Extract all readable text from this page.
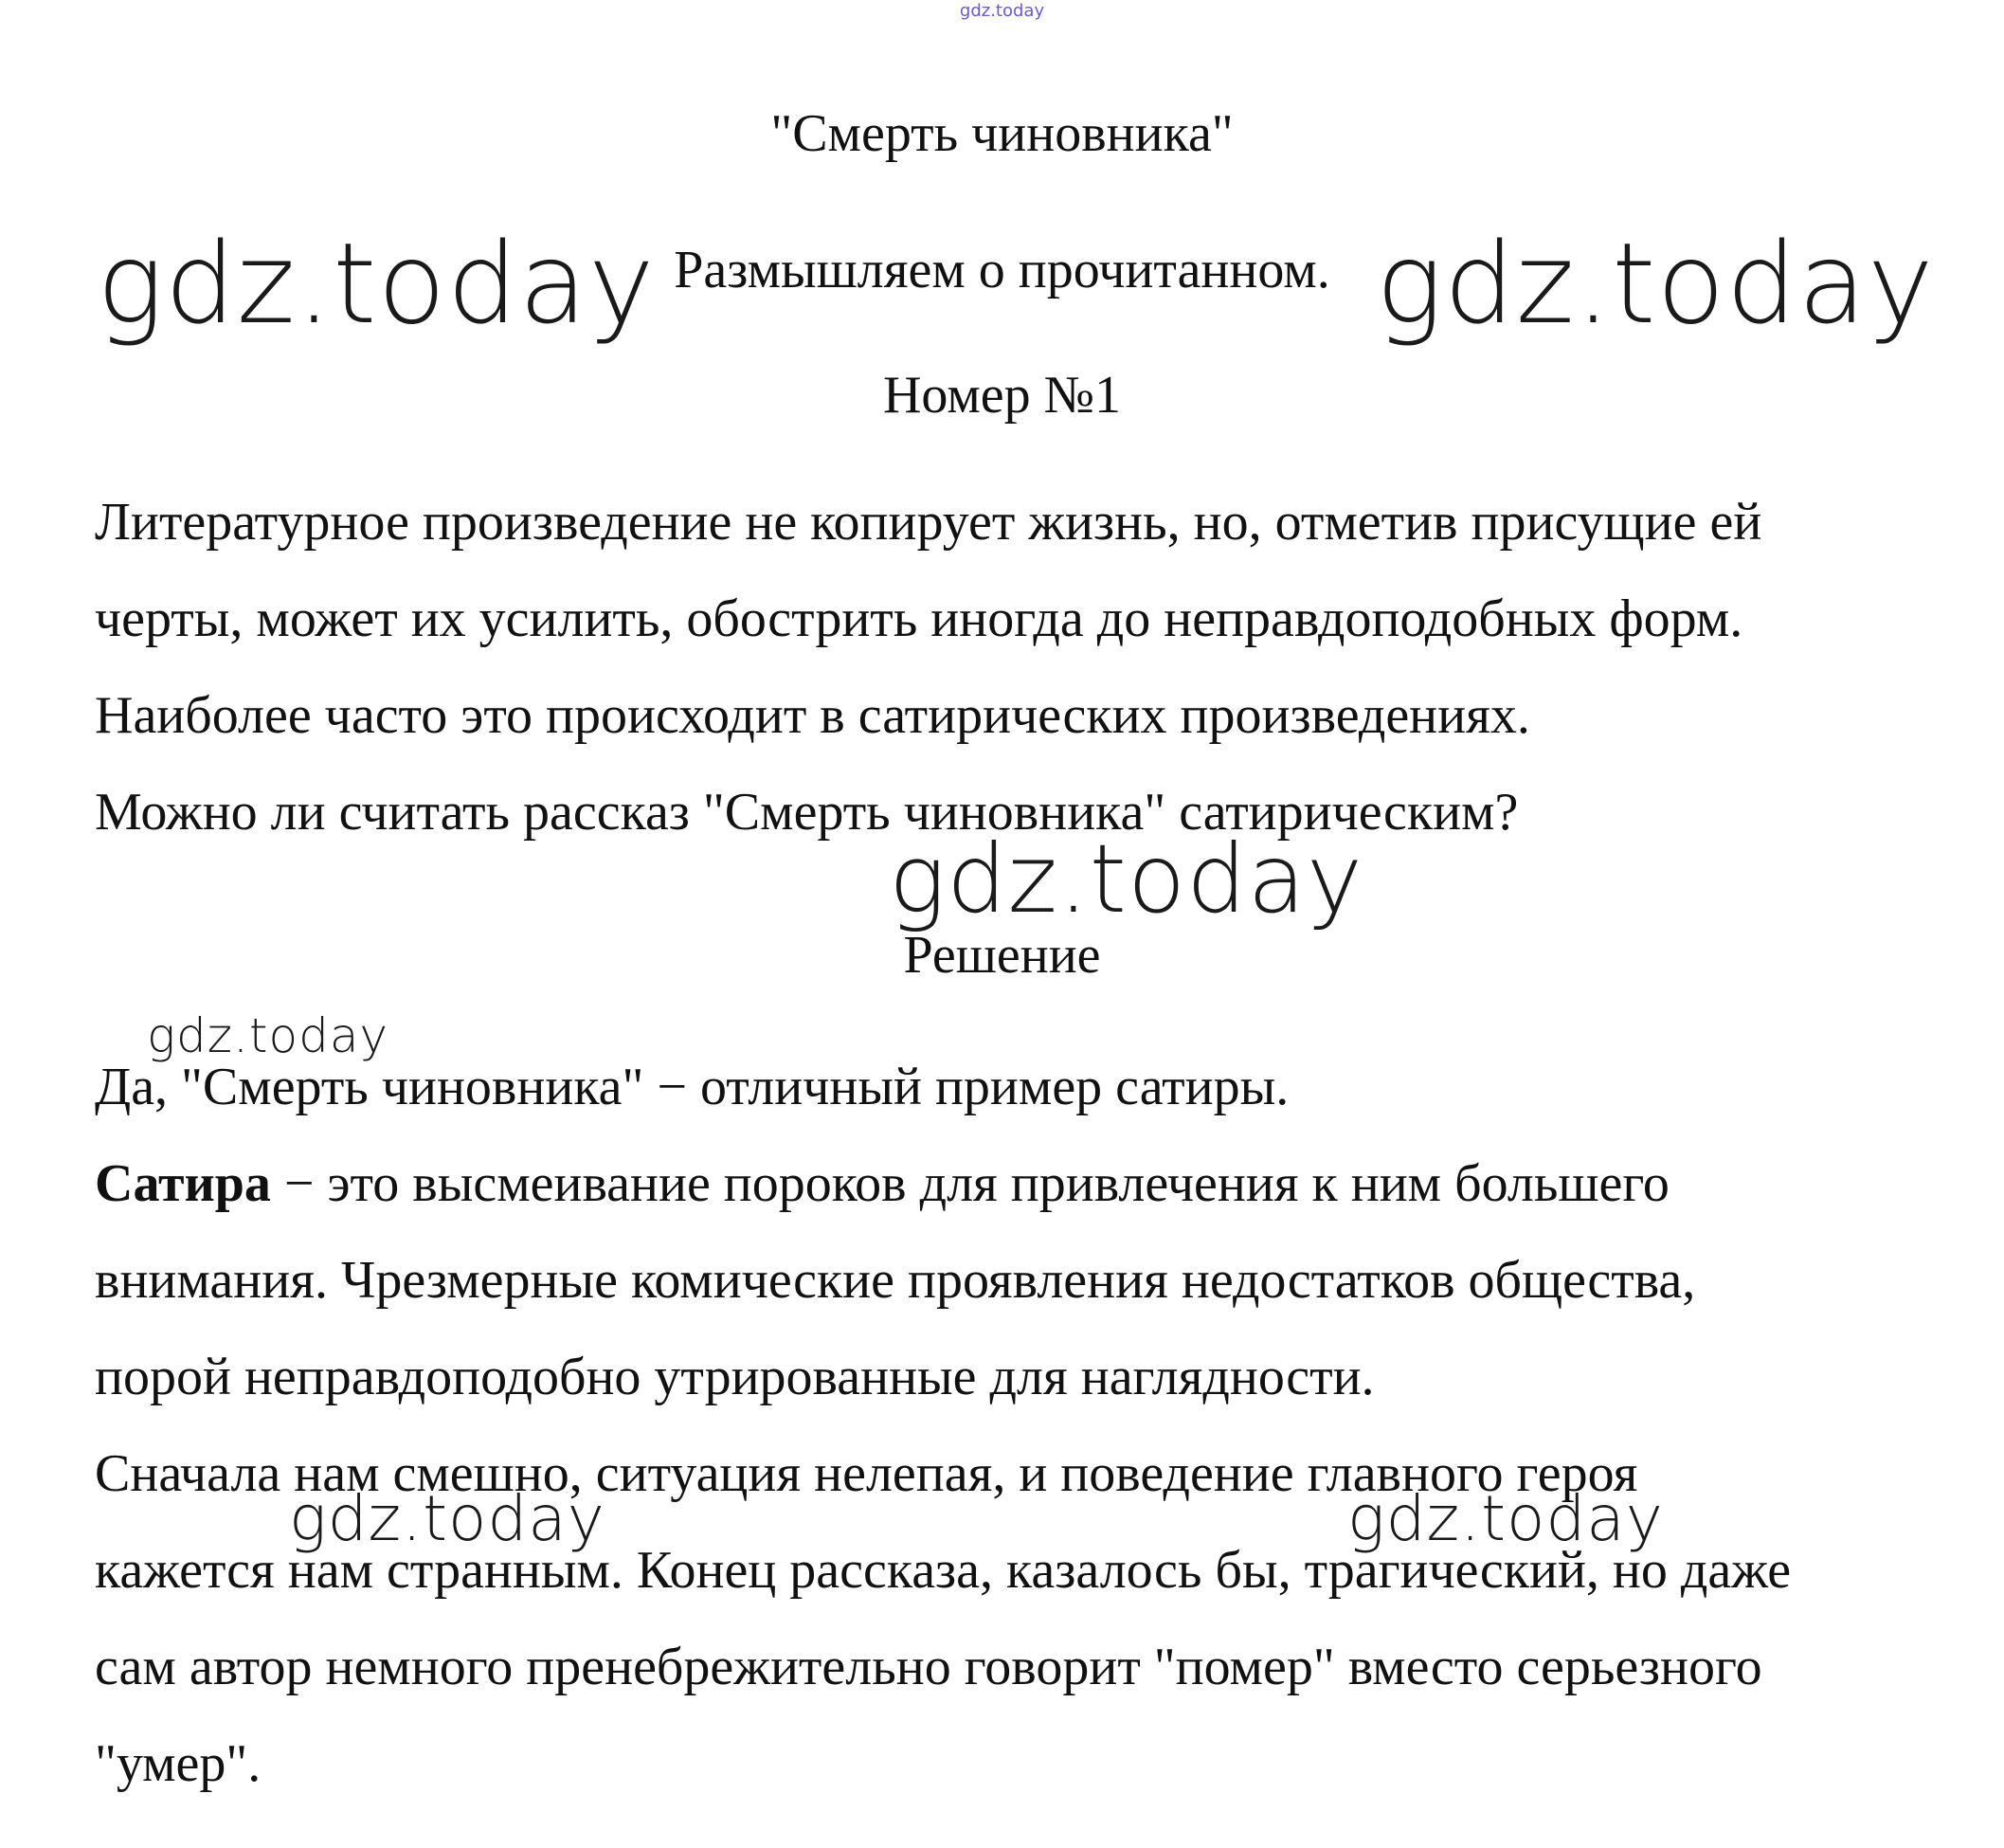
gdz.today
"Смерть чиновника"
Размышляем о прочитанном.
Номер №1
Литературное произведение не копирует жизнь, но, отметив присущие ей
черты, может их усилить, обострить иногда до неправдоподобных форм.
Наиболее часто это происходит в сатирических произведениях.
Можно ли считать рассказ "Смерть чиновника" сатирическим?
Решение
Да, "Смерть чиновника" − отличный пример сатиры.
Сатира − это высмеивание пороков для привлечения к ним большего
внимания. Чрезмерные комические проявления недостатков общества,
порой неправдоподобно утрированные для наглядности.
Сначала нам смешно, ситуация нелепая, и поведение главного героя
кажется нам странным. Конец рассказа, казалось бы, трагический, но даже
сам автор немного пренебрежительно говорит "помер" вместо серьезного
"умер".
gdz.today	gdz.today
gdz.today
gdz.today
gdz.today	gdz.today
